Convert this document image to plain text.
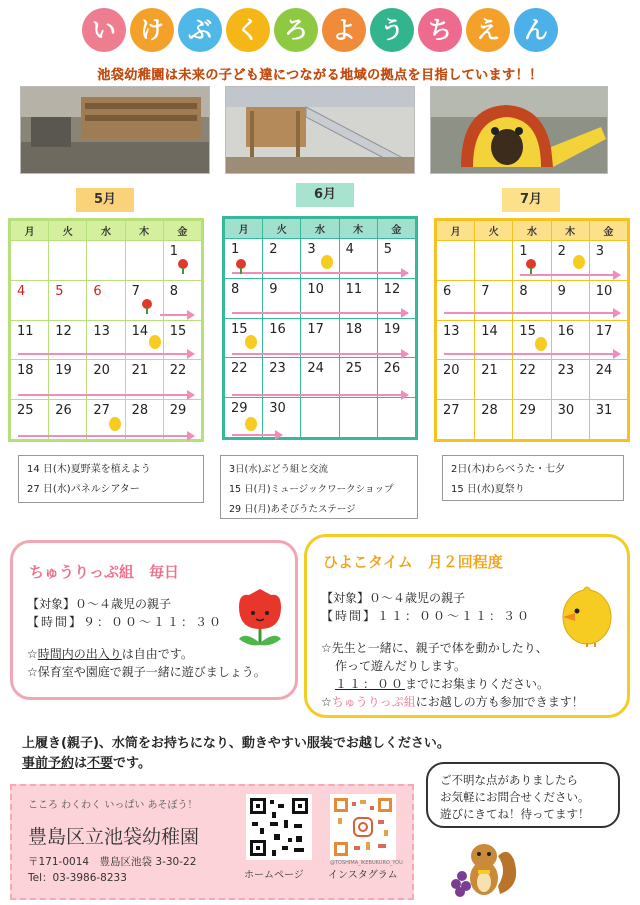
い	け	ぶ	く	ろ	よ	う	ち	え	ん
池袋幼稚園は未来の子ども達につながる地域の拠点を目指しています！！
5月	6月	7月
月	火	水	木	金
				1
4	5	6	7	8
11	12	13	14	15
18	19	20	21	22
25	26	27	28	29
月	火	水	木	金
1	2	3	4	5
8	9	10	11	12
15	16	17	18	19
22	23	24	25	26
29	30			
月	火	水	木	金
		1	2	3
6	7	8	9	10
13	14	15	16	17
20	21	22	23	24
27	28	29	30	31
14 日(木)夏野菜を植えよう
27 日(水)パネルシアター
3日(水)ぶどう組と交流
15 日(月)ミュージックワークショップ
29 日(月)あそびうたステージ
2日(木)わらべうた・七夕
15 日(水)夏祭り
ちゅうりっぷ組　毎日
【対象】０～４歳児の親子
【時間】９：００～１１：３０
☆時間内の出入りは自由です。
☆保育室や園庭で親子一緒に遊びましょう。
ひよこタイム　月２回程度
【対象】０～４歳児の親子
【時間】１１：００～１１：３０
☆先生と一緒に、親子で体を動かしたり、
作って遊んだりします。
１１：００までにお集まりください。
☆ちゅうりっぷ組にお越しの方も参加できます！
上履き(親子)、水筒をお持ちになり、動きやすい服装でお越しください。
事前予約は不要です。
こころ わくわく いっぱい あそぼう！
豊島区立池袋幼稚園
〒171-0014　豊島区池袋 3-30-22
Tel：03-3986-8233	ホームページ
@TOSHIMA_IKEBUKURO_YOU
インスタグラム
ご不明な点がありましたら
お気軽にお問合せください。
遊びにきてね！待ってます！
